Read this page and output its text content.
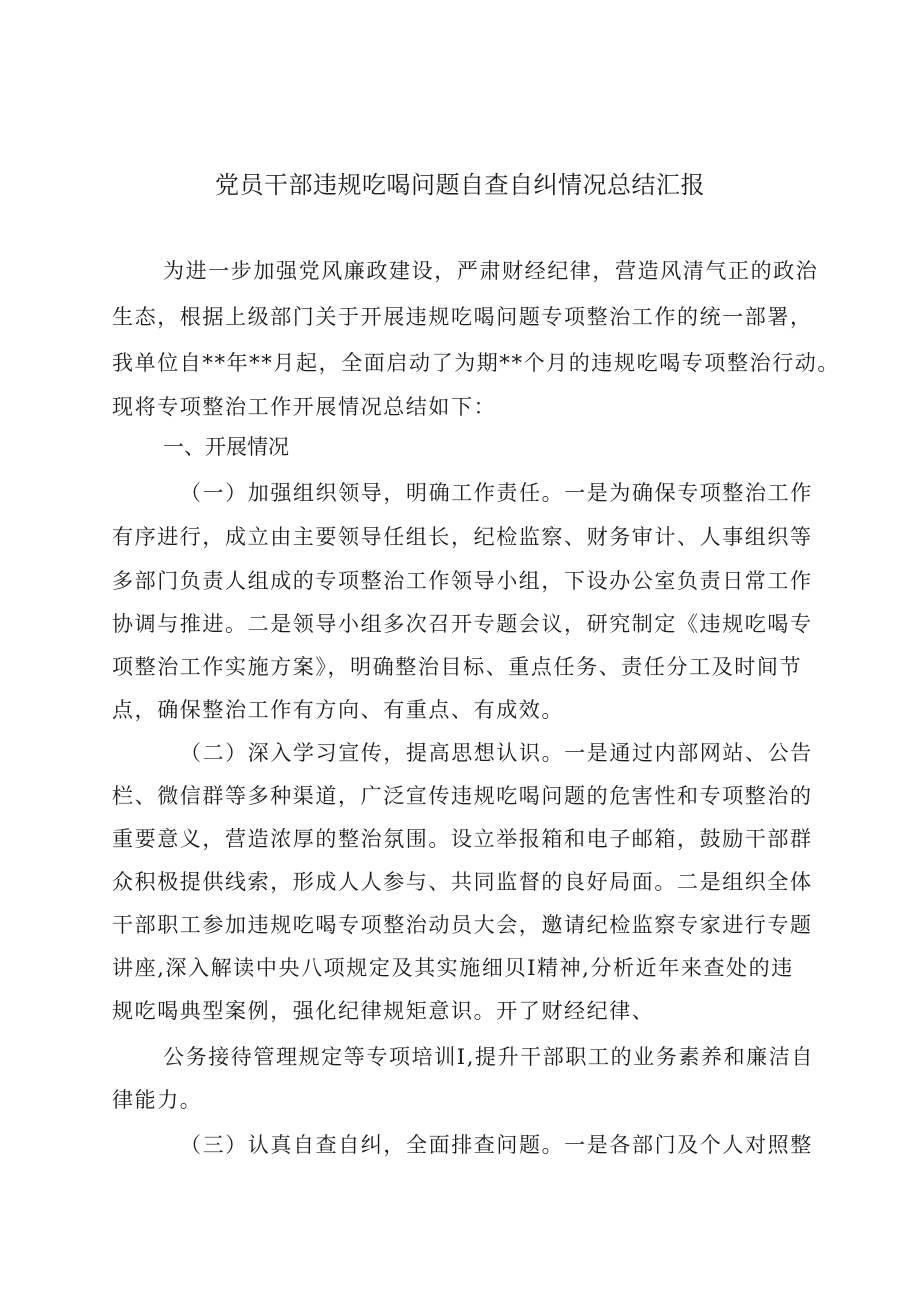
党员干部违规吃喝问题自查自纠情况总结汇报
为进一步加强党风廉政建设，严肃财经纪律，营造风清气正的政治
生态，根据上级部门关于开展违规吃喝问题专项整治工作的统一部署，
我单位自**年**月起，全面启动了为期**个月的违规吃喝专项整治行动。
现将专项整治工作开展情况总结如下：
一、开展情况
（一）加强组织领导，明确工作责任。一是为确保专项整治工作
有序进行，成立由主要领导任组长，纪检监察、财务审计、人事组织等
多部门负责人组成的专项整治工作领导小组，下设办公室负责日常工作
协调与推进。二是领导小组多次召开专题会议，研究制定《违规吃喝专
项整治工作实施方案》，明确整治目标、重点任务、责任分工及时间节
点，确保整治工作有方向、有重点、有成效。
（二）深入学习宣传，提高思想认识。一是通过内部网站、公告
栏、微信群等多种渠道，广泛宣传违规吃喝问题的危害性和专项整治的
重要意义，营造浓厚的整治氛围。设立举报箱和电子邮箱，鼓励干部群
众积极提供线索，形成人人参与、共同监督的良好局面。二是组织全体
干部职工参加违规吃喝专项整治动员大会，邀请纪检监察专家进行专题
讲座,深入解读中央八项规定及其实施细贝I精神,分析近年来查处的违
规吃喝典型案例，强化纪律规矩意识。开了财经纪律、
公务接待管理规定等专项培训I,提升干部职工的业务素养和廉洁自
律能力。
（三）认真自查自纠，全面排查问题。一是各部门及个人对照整
